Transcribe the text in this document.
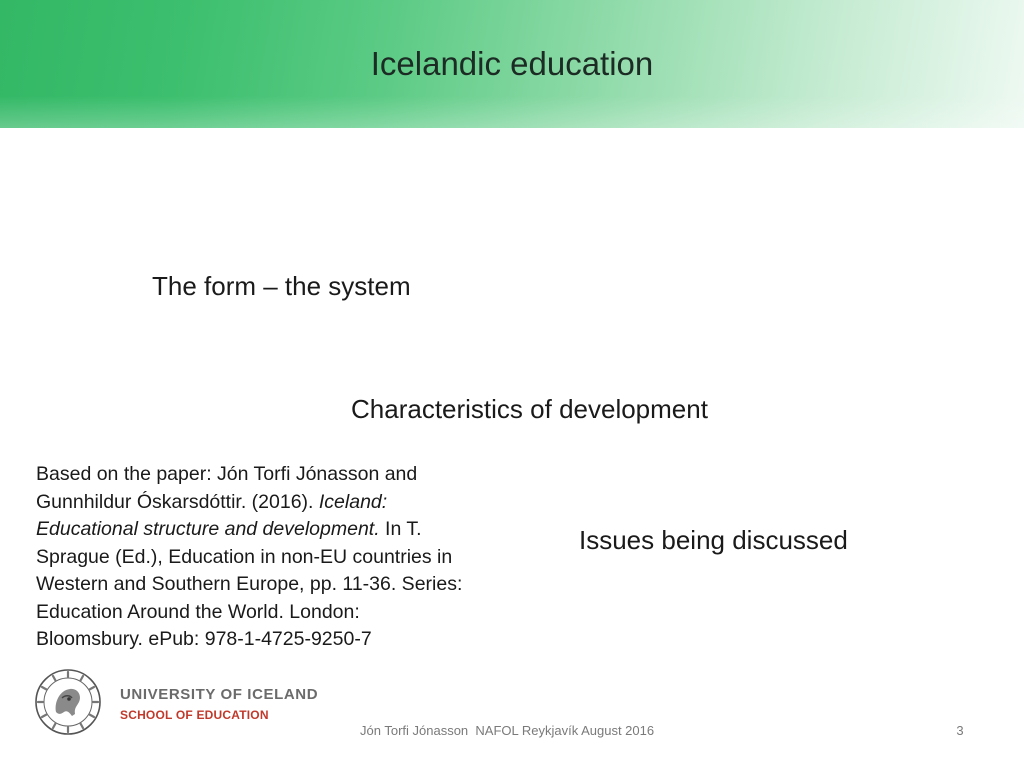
Icelandic education
The form – the system
Characteristics of development
Issues being discussed
Based on the paper: Jón Torfi Jónasson and Gunnhildur Óskarsdóttir. (2016). Iceland: Educational structure and development. In T. Sprague (Ed.), Education in non-EU countries in Western and Southern Europe, pp. 11-36. Series: Education Around the World. London: Bloomsbury. ePub: 978-1-4725-9250-7
UNIVERSITY OF ICELAND
SCHOOL OF EDUCATION
Jón Torfi Jónasson  NAFOL Reykjavík August 2016	3
